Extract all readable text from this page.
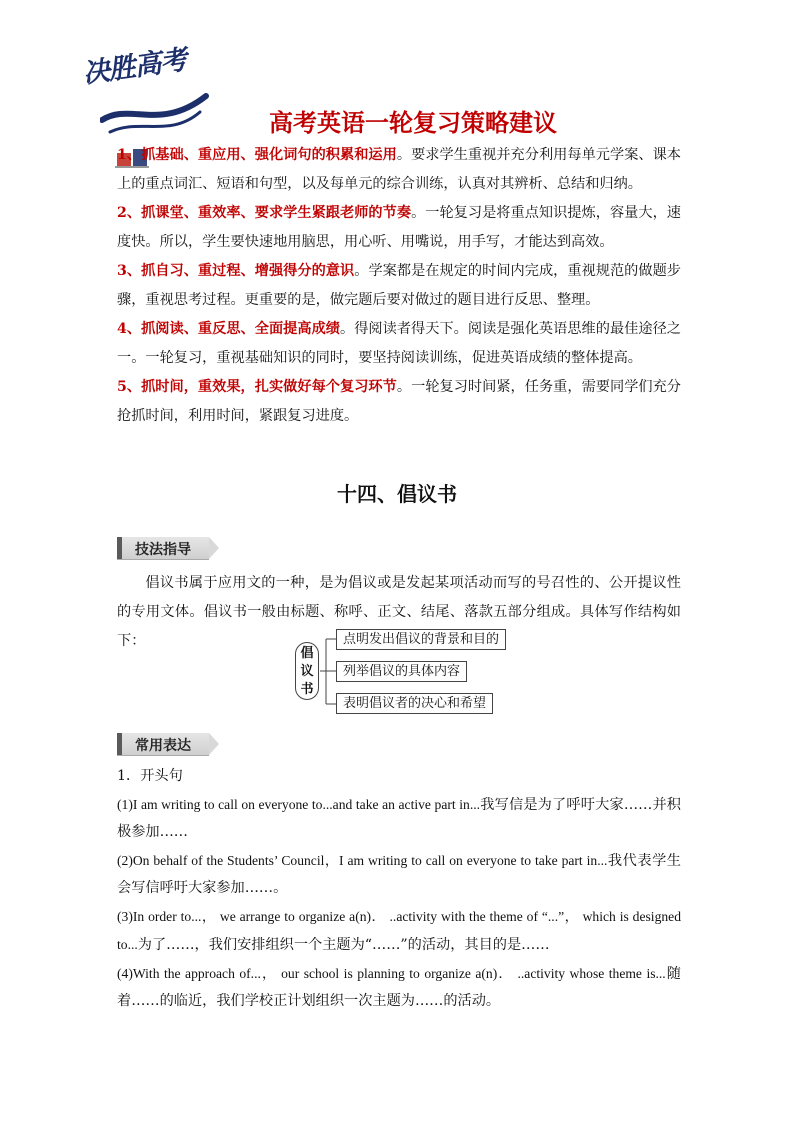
决胜高考
高考英语一轮复习策略建议

1、抓基础、重应用、强化词句的积累和运用。要求学生重视并充分利用每单元学案、课本上的重点词汇、短语和句型，以及每单元的综合训练，认真对其辨析、总结和归纳。

2、抓课堂、重效率、要求学生紧跟老师的节奏。一轮复习是将重点知识提炼，容量大，速度快。所以，学生要快速地用脑思，用心听、用嘴说，用手写，才能达到高效。

3、抓自习、重过程、增强得分的意识。学案都是在规定的时间内完成，重视规范的做题步骤，重视思考过程。更重要的是，做完题后要对做过的题目进行反思、整理。

4、抓阅读、重反思、全面提高成绩。得阅读者得天下。阅读是强化英语思维的最佳途径之一。一轮复习，重视基础知识的同时，要坚持阅读训练，促进英语成绩的整体提高。

5、抓时间，重效果，扎实做好每个复习环节。一轮复习时间紧，任务重，需要同学们充分抢抓时间，利用时间，紧跟复习进度。

十四、倡议书
技法指导

倡议书属于应用文的一种，是为倡议或是发起某项活动而写的号召性的、公开提议性的专用文体。倡议书一般由标题、称呼、正文、结尾、落款五部分组成。具体写作结构如下：

倡
议
书
点明发出倡议的背景和目的
列举倡议的具体内容
表明倡议者的决心和希望
常用表达

1．开头句

(1)I am writing to call on everyone to...and take an active part in...我写信是为了呼吁大家……并积极参加……

(2)On behalf of the Students’ Council，I am writing to call on everyone to take part in...我代表学生会写信呼吁大家参加……。

(3)In order to...， we arrange to organize a(n)． ..activity with the theme of “...”， which is designed to...为了……，我们安排组织一个主题为“……”的活动，其目的是……

(4)With the approach of...， our school is planning to organize a(n)． ..activity whose theme is...随着……的临近，我们学校正计划组织一次主题为……的活动。
